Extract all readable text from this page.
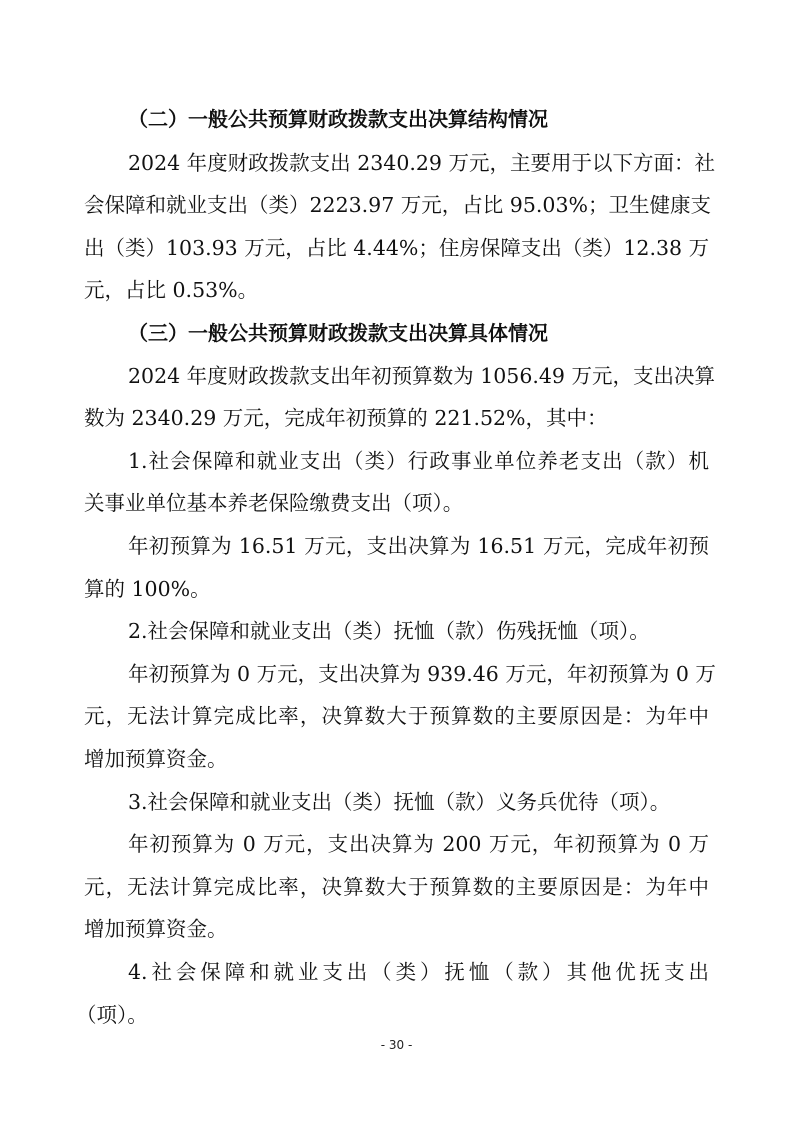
（二）一般公共预算财政拨款支出决算结构情况
2024 年度财政拨款支出 2340.29 万元，主要用于以下方面：社
会保障和就业支出（类）2223.97 万元，占比 95.03%；卫生健康支
出（类）103.93 万元，占比 4.44%；住房保障支出（类）12.38 万
元，占比 0.53%。
（三）一般公共预算财政拨款支出决算具体情况
2024 年度财政拨款支出年初预算数为 1056.49 万元，支出决算
数为 2340.29 万元，完成年初预算的 221.52%，其中：
1.社会保障和就业支出（类）行政事业单位养老支出（款）机
关事业单位基本养老保险缴费支出（项）。
年初预算为 16.51 万元，支出决算为 16.51 万元，完成年初预
算的 100%。
2.社会保障和就业支出（类）抚恤（款）伤残抚恤（项）。
年初预算为 0 万元，支出决算为 939.46 万元，年初预算为 0 万
元，无法计算完成比率，决算数大于预算数的主要原因是：为年中
增加预算资金。
3.社会保障和就业支出（类）抚恤（款）义务兵优待（项）。
年初预算为 0 万元，支出决算为 200 万元，年初预算为 0 万
元，无法计算完成比率，决算数大于预算数的主要原因是：为年中
增加预算资金。
4.社会保障和就业支出（类）抚恤（款）其他优抚支出
（项）。
- 30 -
